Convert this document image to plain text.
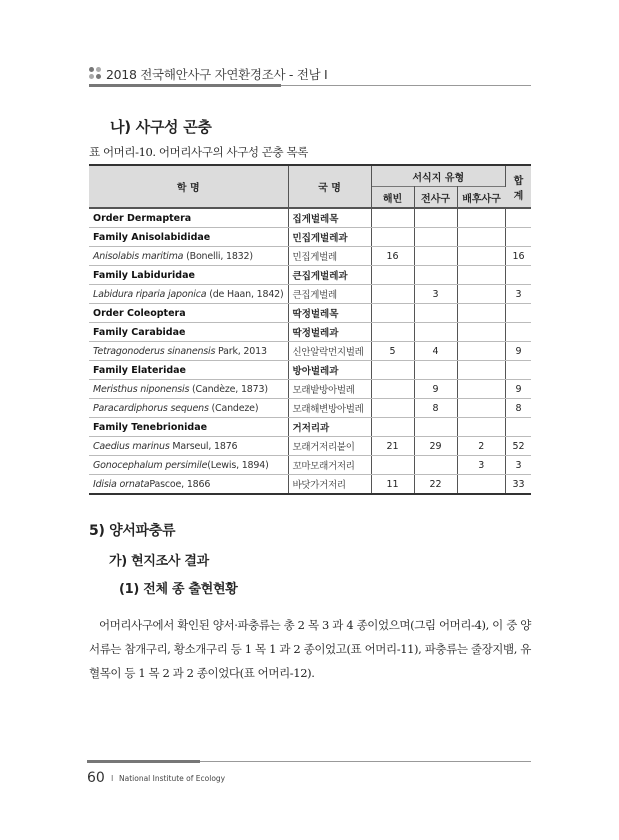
2018 전국해안사구 자연환경조사 - 전남 I
나) 사구성 곤충
표 어머리-10. 어머리사구의 사구성 곤충 목록
학 명	국 명	서식지 유형			합계
		해빈	전사구	배후사구	
Order Dermaptera	집게벌레목				
Family Anisolabididae	민집게벌레과				
Anisolabis maritima (Bonelli, 1832)	민집게벌레	16			16
Family Labiduridae	큰집게벌레과				
Labidura riparia japonica (de Haan, 1842)	큰집게벌레		3		3
Order Coleoptera	딱정벌레목				
Family Carabidae	딱정벌레과				
Tetragonoderus sinanensis Park, 2013	신안알락먼지벌레	5	4		9
Family Elateridae	방아벌레과				
Meristhus niponensis (Candèze, 1873)	모래밭방아벌레		9		9
Paracardiphorus sequens (Candeze)	모래해변방아벌레		8		8
Family Tenebrionidae	거저리과				
Caedius marinus Marseul, 1876	모래거저리붙이	21	29	2	52
Gonocephalum persimile(Lewis, 1894)	꼬마모래거저리			3	3
Idisia ornataPascoe, 1866	바닷가거저리	11	22		33
5) 양서파충류
가) 현지조사 결과
(1) 전체 종 출현현황

어머리사구에서 확인된 양서·파충류는 총 2 목 3 과 4 종이었으며(그림 어머리-4), 이 중 양서류는 참개구리, 황소개구리 등 1 목 1 과 2 종이었고(표 어머리-11), 파충류는 줄장지뱀, 유혈목이 등 1 목 2 과 2 종이었다(표 어머리-12).

60 I National Institute of Ecology
